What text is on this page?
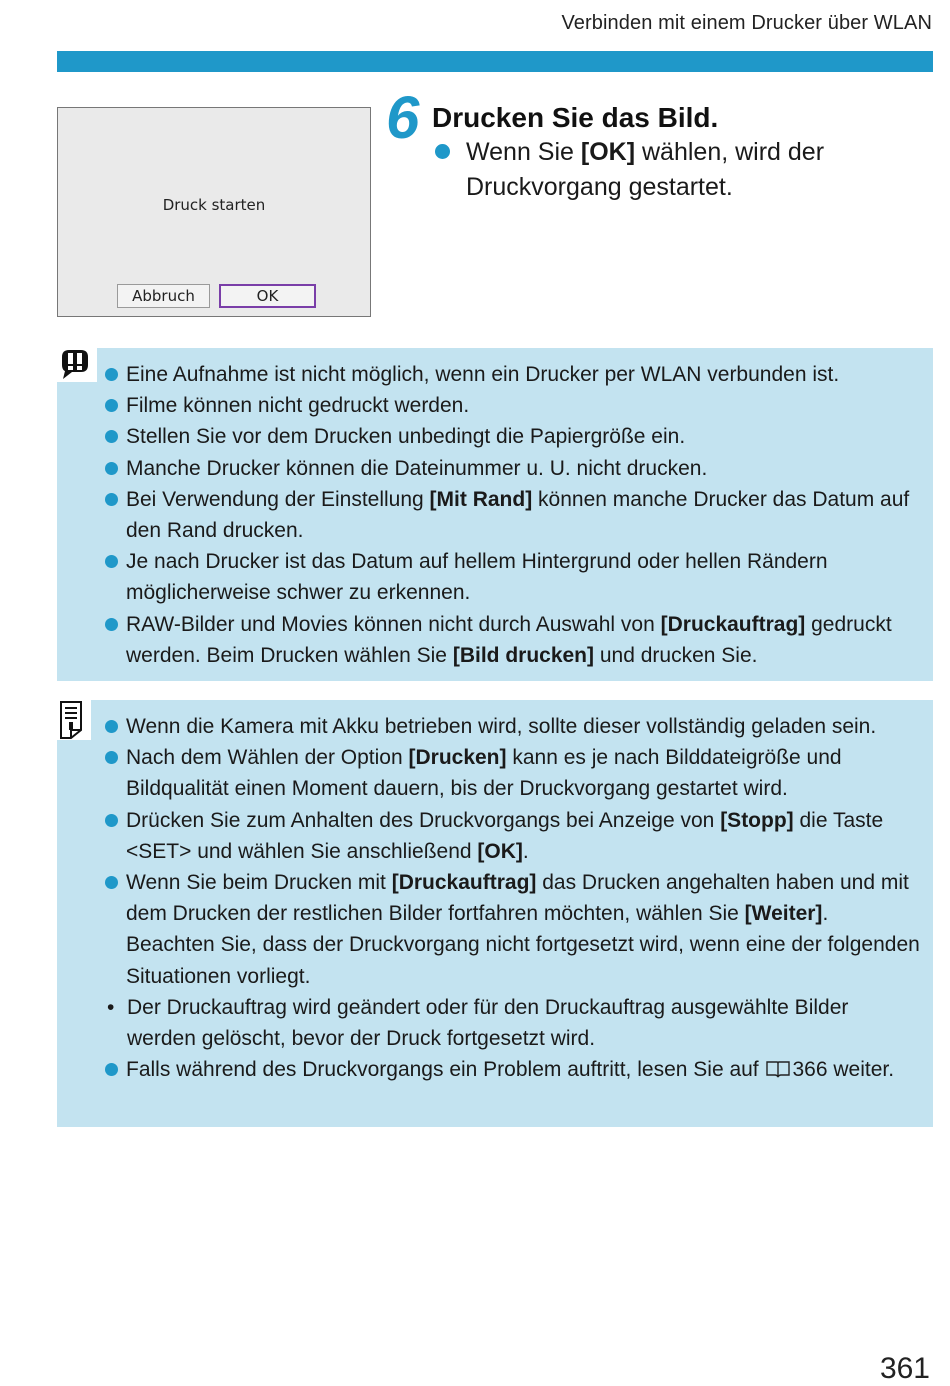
Verbinden mit einem Drucker über WLAN
Druck starten
Abbruch	OK
6 Drucken Sie das Bild.
Wenn Sie [OK] wählen, wird der Druckvorgang gestartet.
Eine Aufnahme ist nicht möglich, wenn ein Drucker per WLAN verbunden ist.
Filme können nicht gedruckt werden.
Stellen Sie vor dem Drucken unbedingt die Papiergröße ein.
Manche Drucker können die Dateinummer u. U. nicht drucken.
Bei Verwendung der Einstellung [Mit Rand] können manche Drucker das Datum auf den Rand drucken.
Je nach Drucker ist das Datum auf hellem Hintergrund oder hellen Rändern möglicherweise schwer zu erkennen.
RAW-Bilder und Movies können nicht durch Auswahl von [Druckauftrag] gedruckt werden. Beim Drucken wählen Sie [Bild drucken] und drucken Sie.
Wenn die Kamera mit Akku betrieben wird, sollte dieser vollständig geladen sein.
Nach dem Wählen der Option [Drucken] kann es je nach Bilddateigröße und Bildqualität einen Moment dauern, bis der Druckvorgang gestartet wird.
Drücken Sie zum Anhalten des Druckvorgangs bei Anzeige von [Stopp] die Taste <SET> und wählen Sie anschließend [OK].
Wenn Sie beim Drucken mit [Druckauftrag] das Drucken angehalten haben und mit dem Drucken der restlichen Bilder fortfahren möchten, wählen Sie [Weiter]. Beachten Sie, dass der Druckvorgang nicht fortgesetzt wird, wenn eine der folgenden Situationen vorliegt.
• Der Druckauftrag wird geändert oder für den Druckauftrag ausgewählte Bilder werden gelöscht, bevor der Druck fortgesetzt wird.
Falls während des Druckvorgangs ein Problem auftritt, lesen Sie auf 366 weiter.
361
